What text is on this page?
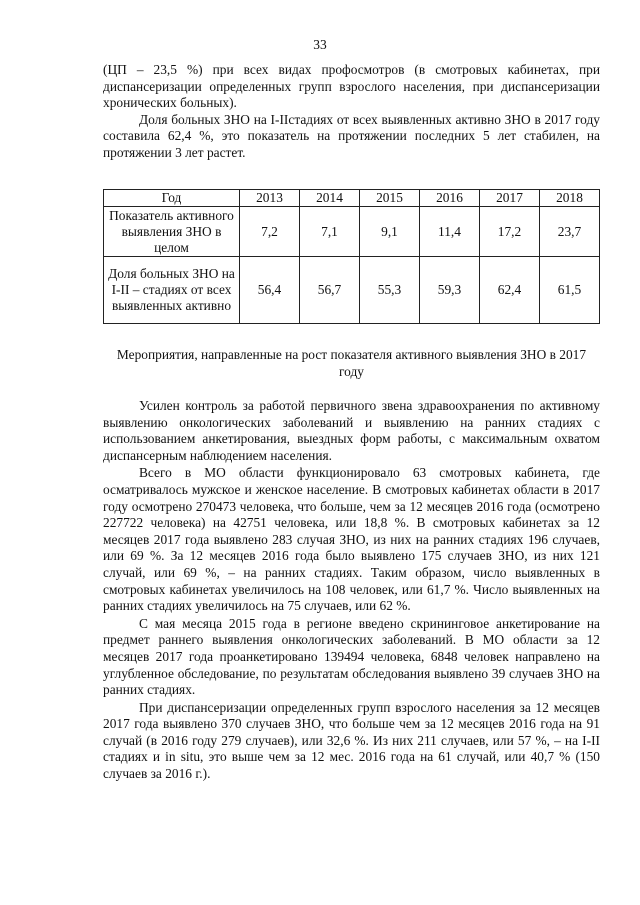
33

(ЦП – 23,5 %) при всех видах профосмотров (в смотровых кабинетах, при диспансеризации определенных групп взрослого населения, при диспансеризации хронических больных).

Доля больных ЗНО на I-IIстадиях от всех выявленных активно ЗНО в 2017 году составила 62,4 %, это показатель на протяжении последних 5 лет стабилен, на протяжении 3 лет растет.

Год	2013	2014	2015	2016	2017	2018
Показатель активного выявления ЗНО в целом	7,2	7,1	9,1	11,4	17,2	23,7
Доля больных ЗНО на I-II – стадиях от всех выявленных активно	56,4	56,7	55,3	59,3	62,4	61,5
Мероприятия, направленные на рост показателя активного выявления ЗНО в 2017 году

Усилен контроль за работой первичного звена здравоохранения по активному выявлению онкологических заболеваний и выявлению на ранних стадиях с использованием анкетирования, выездных форм работы, с максимальным охватом диспансерным наблюдением населения.

Всего в МО области функционировало 63 смотровых кабинета, где осматривалось мужское и женское население. В смотровых кабинетах области в 2017 году осмотрено 270473 человека, что больше, чем за 12 месяцев 2016 года (осмотрено 227722 человека) на 42751 человека, или 18,8 %. В смотровых кабинетах за 12 месяцев 2017 года выявлено 283 случая ЗНО, из них на ранних стадиях 196 случаев, или 69 %. За 12 месяцев 2016 года было выявлено 175 случаев ЗНО, из них 121 случай, или 69 %, – на ранних стадиях. Таким образом, число выявленных в смотровых кабинетах увеличилось на 108 человек, или 61,7 %. Число выявленных на ранних стадиях увеличилось на 75 случаев, или 62 %.

С мая месяца 2015 года в регионе введено скрининговое анкетирование на предмет раннего выявления онкологических заболеваний. В МО области за 12 месяцев 2017 года проанкетировано 139494 человека, 6848 человек направлено на углубленное обследование, по результатам обследования выявлено 39 случаев ЗНО на ранних стадиях.

При диспансеризации определенных групп взрослого населения за 12 месяцев 2017 года выявлено 370 случаев ЗНО, что больше чем за 12 месяцев 2016 года на 91 случай (в 2016 году 279 случаев), или 32,6 %. Из них 211 случаев, или 57 %, – на I-II стадиях и in situ, это выше чем за 12 мес. 2016 года на 61 случай, или 40,7 % (150 случаев за 2016 г.).
